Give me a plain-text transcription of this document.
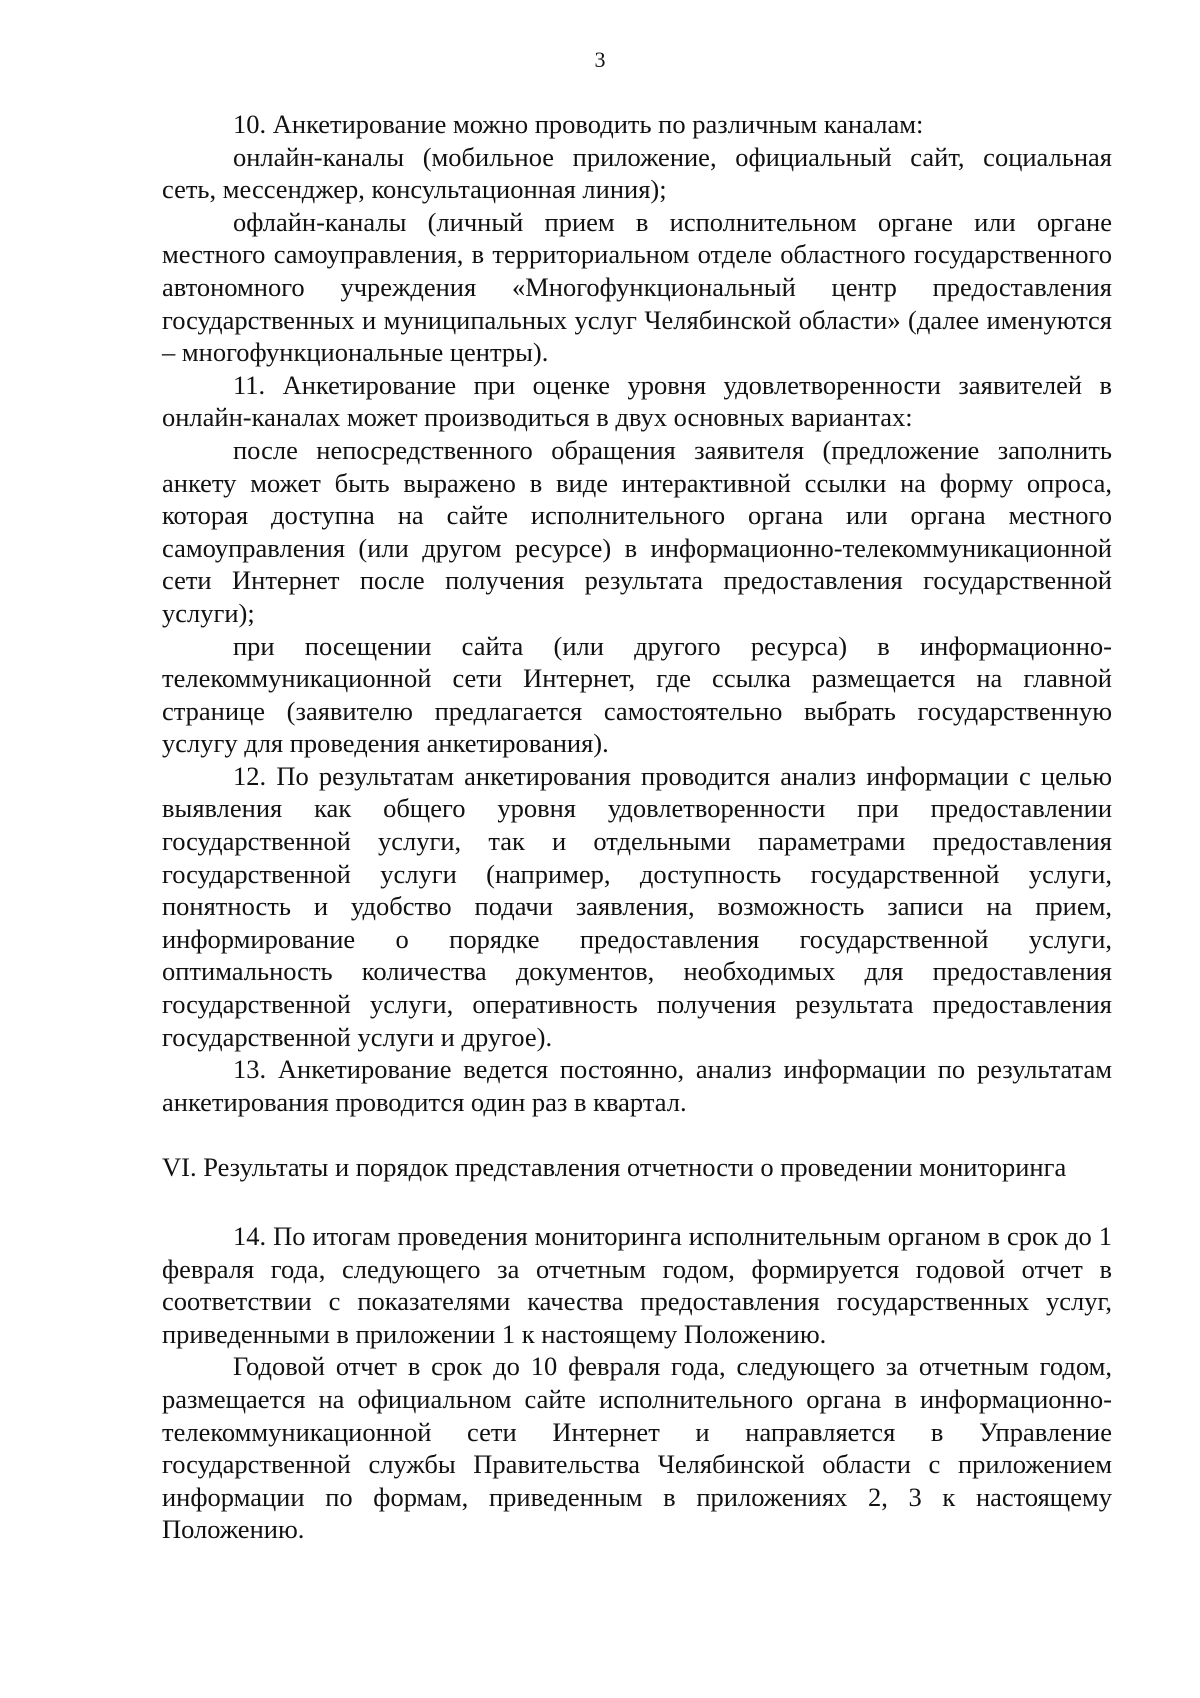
3

10. Анкетирование можно проводить по различным каналам:

онлайн-каналы (мобильное приложение, официальный сайт, социальная сеть, мессенджер, консультационная линия);

офлайн-каналы (личный прием в исполнительном органе или органе местного самоуправления, в территориальном отделе областного государственного автономного учреждения «Многофункциональный центр предоставления государственных и муниципальных услуг Челябинской области» (далее именуются – многофункциональные центры).

11. Анкетирование при оценке уровня удовлетворенности заявителей в онлайн-каналах может производиться в двух основных вариантах:

после непосредственного обращения заявителя (предложение заполнить анкету может быть выражено в виде интерактивной ссылки на форму опроса, которая доступна на сайте исполнительного органа или органа местного самоуправления (или другом ресурсе) в информационно-телекоммуникационной сети Интернет после получения результата предоставления государственной услуги);

при посещении сайта (или другого ресурса) в информационно-телекоммуникационной сети Интернет, где ссылка размещается на главной странице (заявителю предлагается самостоятельно выбрать государственную услугу для проведения анкетирования).

12. По результатам анкетирования проводится анализ информации с целью выявления как общего уровня удовлетворенности при предоставлении государственной услуги, так и отдельными параметрами предоставления государственной услуги (например, доступность государственной услуги, понятность и удобство подачи заявления, возможность записи на прием, информирование о порядке предоставления государственной услуги, оптимальность количества документов, необходимых для предоставления государственной услуги, оперативность получения результата предоставления государственной услуги и другое).

13. Анкетирование ведется постоянно, анализ информации по результатам анкетирования проводится один раз в квартал.

VI. Результаты и порядок представления отчетности о проведении мониторинга

14. По итогам проведения мониторинга исполнительным органом в срок до 1 февраля года, следующего за отчетным годом, формируется годовой отчет в соответствии с показателями качества предоставления государственных услуг, приведенными в приложении 1 к настоящему Положению.

Годовой отчет в срок до 10 февраля года, следующего за отчетным годом, размещается на официальном сайте исполнительного органа в информационно-телекоммуникационной сети Интернет и направляется в Управление государственной службы Правительства Челябинской области с приложением информации по формам, приведенным в приложениях 2, 3 к настоящему Положению.
